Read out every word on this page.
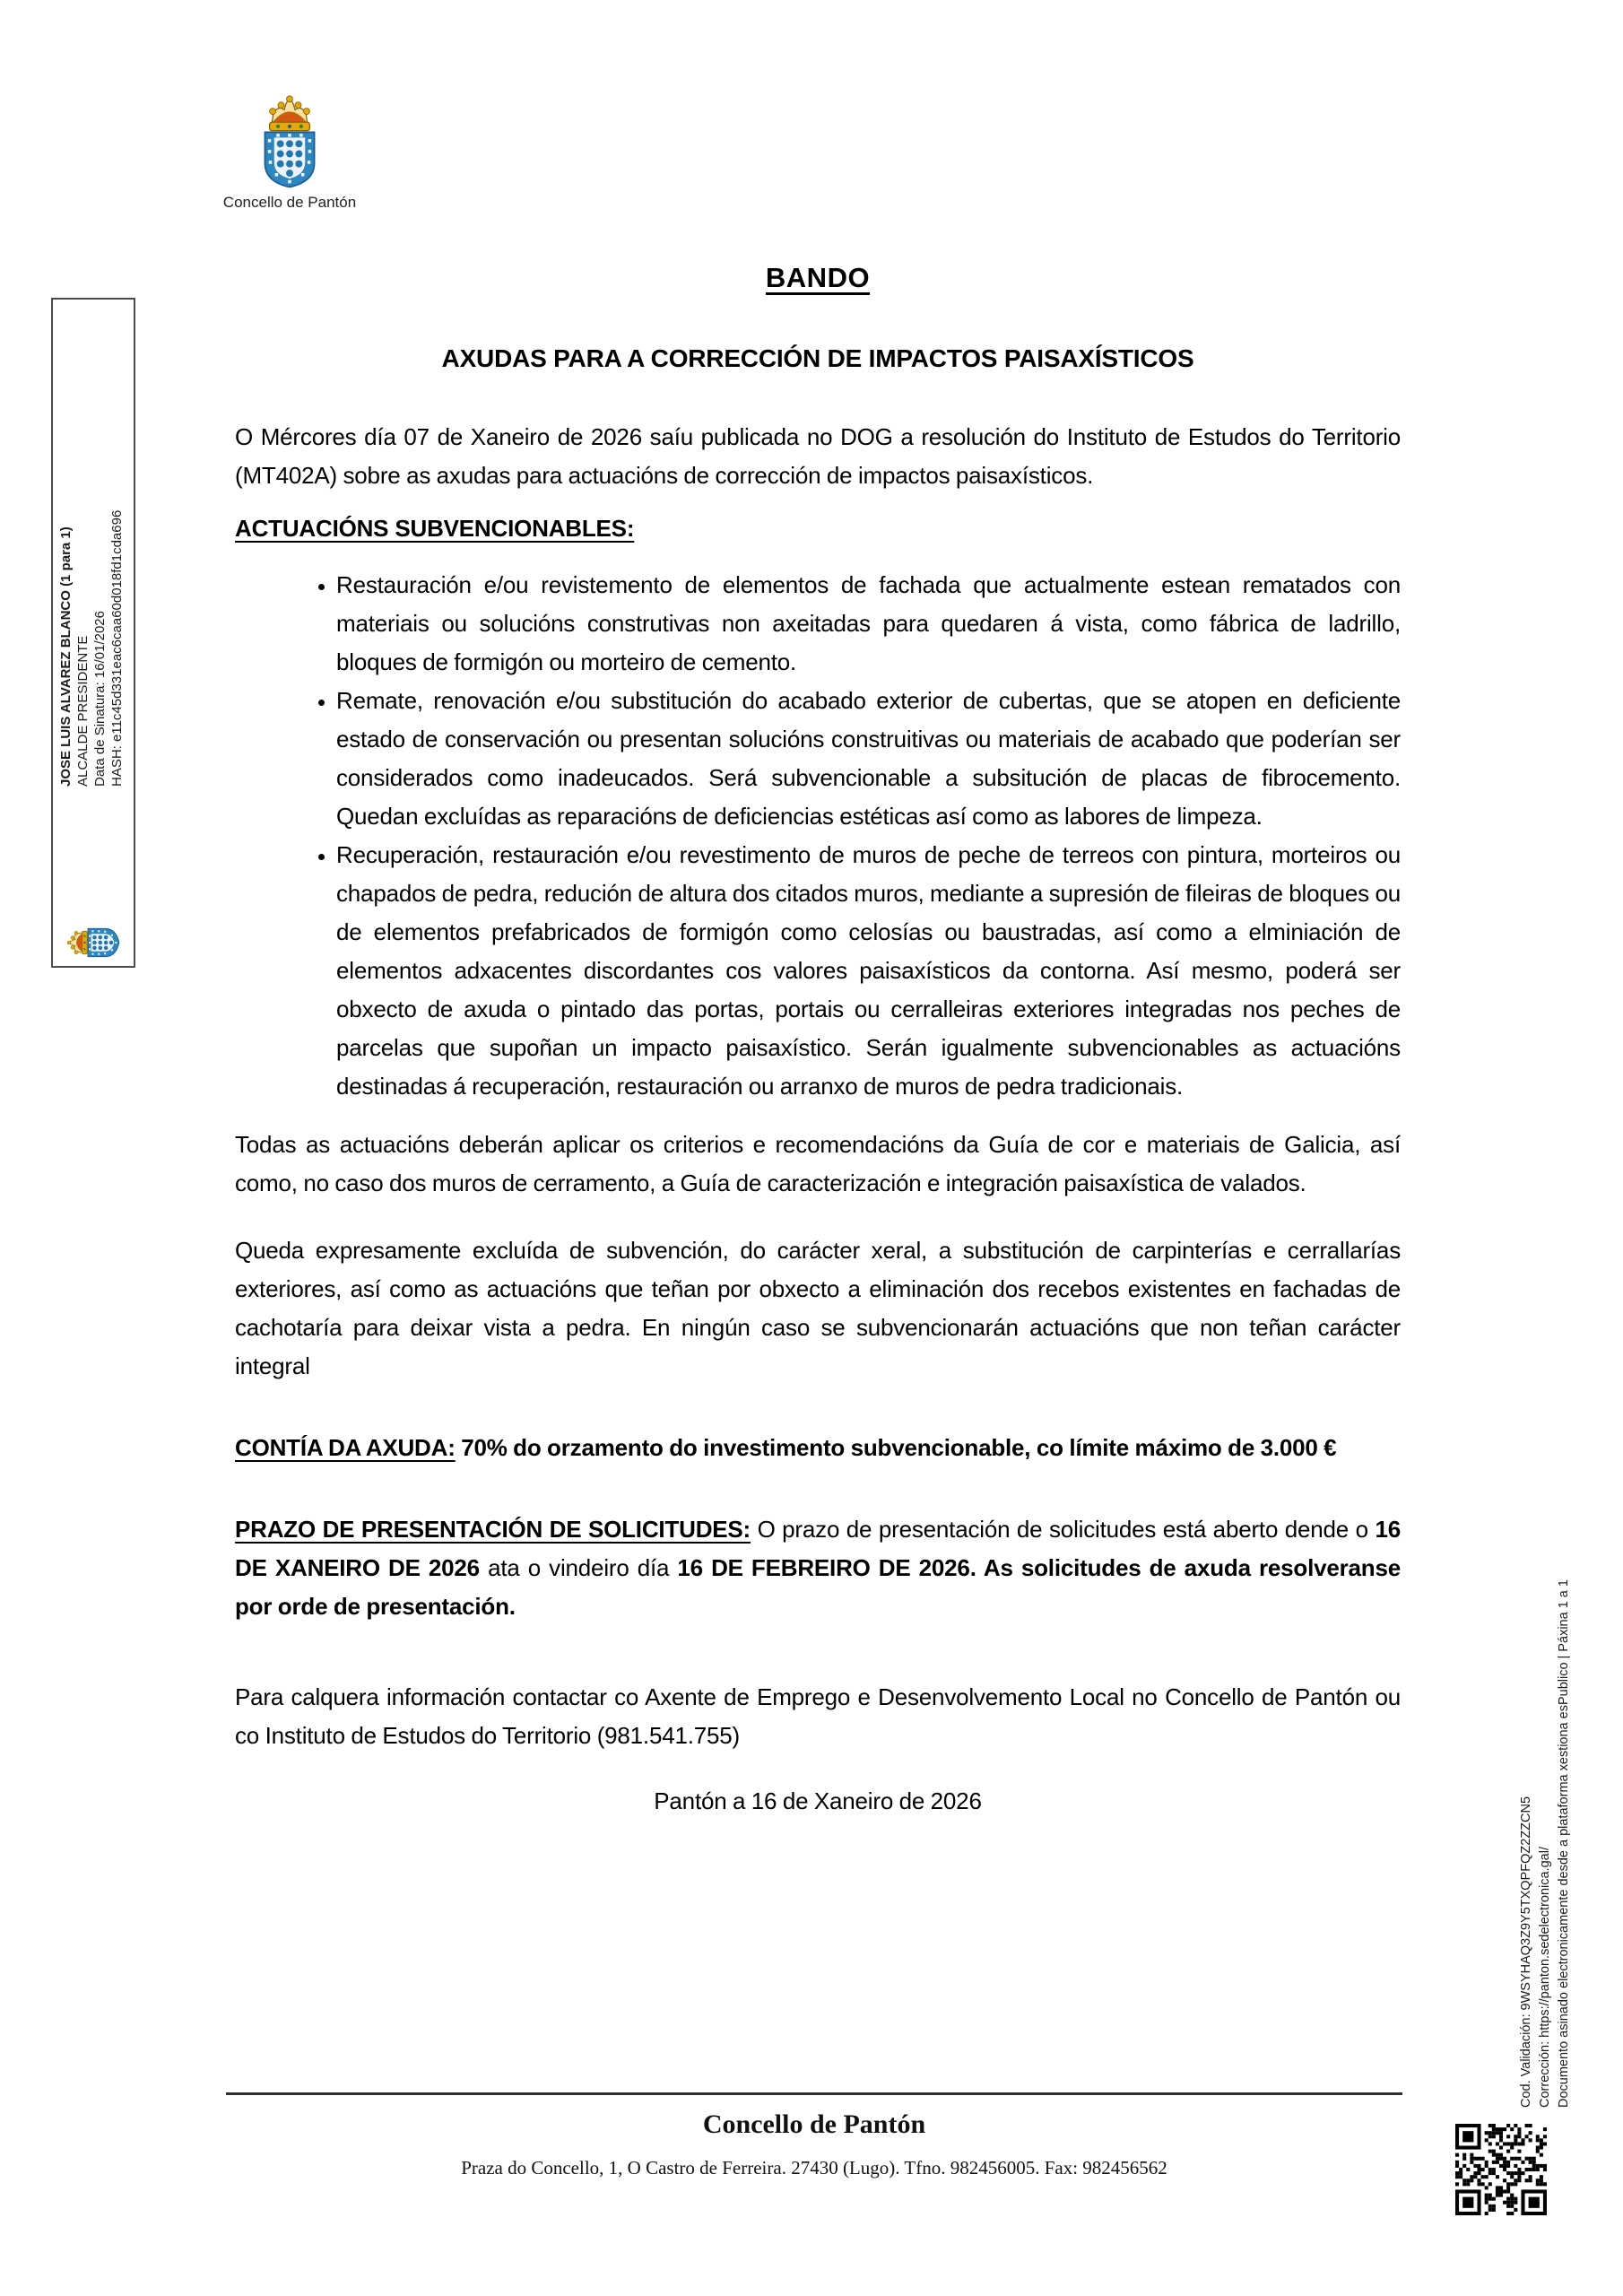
Concello de Pantón
JOSE LUIS ALVAREZ BLANCO (1 para 1) ALCALDE PRESIDENTE Data de Sinatura: 16/01/2026 HASH: e11c45d331eac6caa60d018fd1cda696
BANDO
AXUDAS PARA A CORRECCIÓN DE IMPACTOS PAISAXÍSTICOS

O Mércores día 07 de Xaneiro de 2026 saíu publicada no DOG a resolución do Instituto de Estudos do Territorio (MT402A) sobre as axudas para actuacións de corrección de impactos paisaxísticos.

ACTUACIÓNS SUBVENCIONABLES:
• Restauración e/ou revistemento de elementos de fachada que actualmente estean rematados con materiais ou solucións construtivas non axeitadas para quedaren á vista, como fábrica de ladrillo, bloques de formigón ou morteiro de cemento.
• Remate, renovación e/ou substitución do acabado exterior de cubertas, que se atopen en deficiente estado de conservación ou presentan solucións construitivas ou materiais de acabado que poderían ser considerados como inadeucados. Será subvencionable a subsitución de placas de fibrocemento. Quedan excluídas as reparacións de deficiencias estéticas así como as labores de limpeza.
• Recuperación, restauración e/ou revestimento de muros de peche de terreos con pintura, morteiros ou chapados de pedra, redución de altura dos citados muros, mediante a supresión de fileiras de bloques ou de elementos prefabricados de formigón como celosías ou baustradas, así como a elminiación de elementos adxacentes discordantes cos valores paisaxísticos da contorna. Así mesmo, poderá ser obxecto de axuda o pintado das portas, portais ou cerralleiras exteriores integradas nos peches de parcelas que supoñan un impacto paisaxístico. Serán igualmente subvencionables as actuacións destinadas á recuperación, restauración ou arranxo de muros de pedra tradicionais.

Todas as actuacións deberán aplicar os criterios e recomendacións da Guía de cor e materiais de Galicia, así como, no caso dos muros de cerramento, a Guía de caracterización e integración paisaxística de valados.

Queda expresamente excluída de subvención, do carácter xeral, a substitución de carpinterías e cerrallarías exteriores, así como as actuacións que teñan por obxecto a eliminación dos recebos existentes en fachadas de cachotaría para deixar vista a pedra. En ningún caso se subvencionarán actuacións que non teñan carácter integral

CONTÍA DA AXUDA: 70% do orzamento do investimento subvencionable, co límite máximo de 3.000 €

PRAZO DE PRESENTACIÓN DE SOLICITUDES: O prazo de presentación de solicitudes está aberto dende o 16 DE XANEIRO DE 2026 ata o vindeiro día 16 DE FEBREIRO DE 2026. As solicitudes de axuda resolveranse por orde de presentación.

Para calquera información contactar co Axente de Emprego e Desenvolvemento Local no Concello de Pantón ou co Instituto de Estudos do Territorio (981.541.755)

Pantón a 16 de Xaneiro de 2026	Cod. Validación: 9WSYHAQ3Z9Y5TXQPFQZ2ZZCN5 Corrección: https://panton.sedelectronica.gal/ Documento asinado electronicamente desde a plataforma xestiona esPublico | Páxina 1 a 1
Concello de Pantón
Praza do Concello, 1, O Castro de Ferreira. 27430 (Lugo). Tfno. 982456005. Fax: 982456562
